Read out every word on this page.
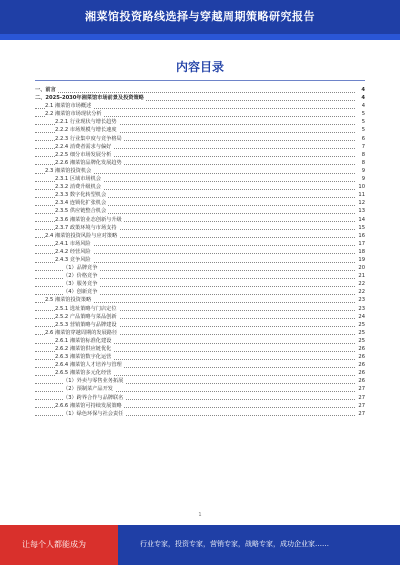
湘菜馆投资路线选择与穿越周期策略研究报告
内容目录
一、前言	4
二、2025-2030年湘菜馆市场前景及投资策略	4
2.1 湘菜馆市场概述	4
2.2 湘菜馆市场现状分析	5
2.2.1 行业现状与增长趋势	5
2.2.2 市场规模与增长速度	5
2.2.3 行业集中度与竞争格局	6
2.2.4 消费者需求与偏好	7
2.2.5 细分市场发展分析	8
2.2.6 湘菜馆品牌化发展趋势	8
2.3 湘菜馆投资机会	9
2.3.1 区域市场机会	9
2.3.2 消费升级机会	10
2.3.3 数字化转型机会	11
2.3.4 连锁化扩张机会	12
2.3.5 供应链整合机会	13
2.3.6 湘菜馆业态创新与升级	14
2.3.7 政策环境与市场支持	15
2.4 湘菜馆投资风险与应对策略	16
2.4.1 市场风险	17
2.4.2 经营风险	18
2.4.3 竞争风险	19
（1）品牌竞争	20
（2）价格竞争	21
（3）服务竞争	22
（4）创新竞争	22
2.5 湘菜馆投资策略	23
2.5.1 选址策略与门店定位	23
2.5.2 产品策略与菜品创新	24
2.5.3 营销策略与品牌建设	25
2.6 湘菜馆穿越周期的发展路径	25
2.6.1 湘菜馆标准化建设	25
2.6.2 湘菜馆供应链优化	26
2.6.3 湘菜馆数字化运营	26
2.6.4 湘菜馆人才培养与管理	26
2.6.5 湘菜馆多元化经营	26
（1）外卖与零售业务拓展	26
（2）预制菜产品开发	27
（3）跨界合作与品牌联名	27
2.6.6 湘菜馆可持续发展策略	27
（1）绿色环保与社会责任	27
1
让每个人都能成为	行业专家，投资专家，营销专家，战略专家，成功企业家……
